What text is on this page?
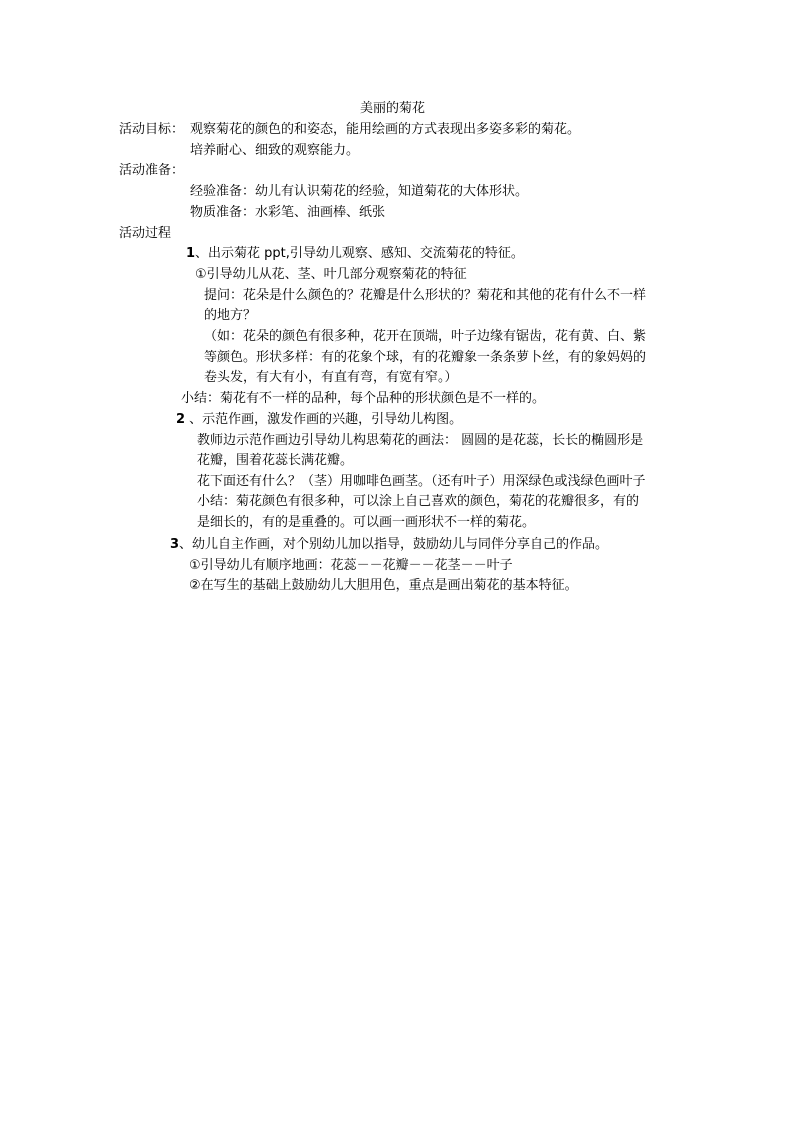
美丽的菊花
活动目标： 观察菊花的颜色的和姿态，能用绘画的方式表现出多姿多彩的菊花。
培养耐心、细致的观察能力。
活动准备：
经验准备：幼儿有认识菊花的经验，知道菊花的大体形状。
物质准备：水彩笔、油画棒、纸张
活动过程
1、出示菊花 ppt,引导幼儿观察、感知、交流菊花的特征。
①引导幼儿从花、茎、叶几部分观察菊花的特征
提问：花朵是什么颜色的？花瓣是什么形状的？菊花和其他的花有什么不一样
的地方？
（如：花朵的颜色有很多种，花开在顶端，叶子边缘有锯齿，花有黄、白、紫
等颜色。形状多样：有的花象个球，有的花瓣象一条条萝卜丝，有的象妈妈的
卷头发，有大有小，有直有弯，有宽有窄。）
小结：菊花有不一样的品种，每个品种的形状颜色是不一样的。
2 、示范作画，激发作画的兴趣，引导幼儿构图。
教师边示范作画边引导幼儿构思菊花的画法： 圆圆的是花蕊，长长的椭圆形是
花瓣，围着花蕊长满花瓣。
花下面还有什么？（茎）用咖啡色画茎。（还有叶子）用深绿色或浅绿色画叶子
小结：菊花颜色有很多种，可以涂上自己喜欢的颜色，菊花的花瓣很多，有的
是细长的，有的是重叠的。可以画一画形状不一样的菊花。
3、幼儿自主作画，对个别幼儿加以指导，鼓励幼儿与同伴分享自己的作品。
①引导幼儿有顺序地画：花蕊－－花瓣－－花茎－－叶子
②在写生的基础上鼓励幼儿大胆用色，重点是画出菊花的基本特征。
